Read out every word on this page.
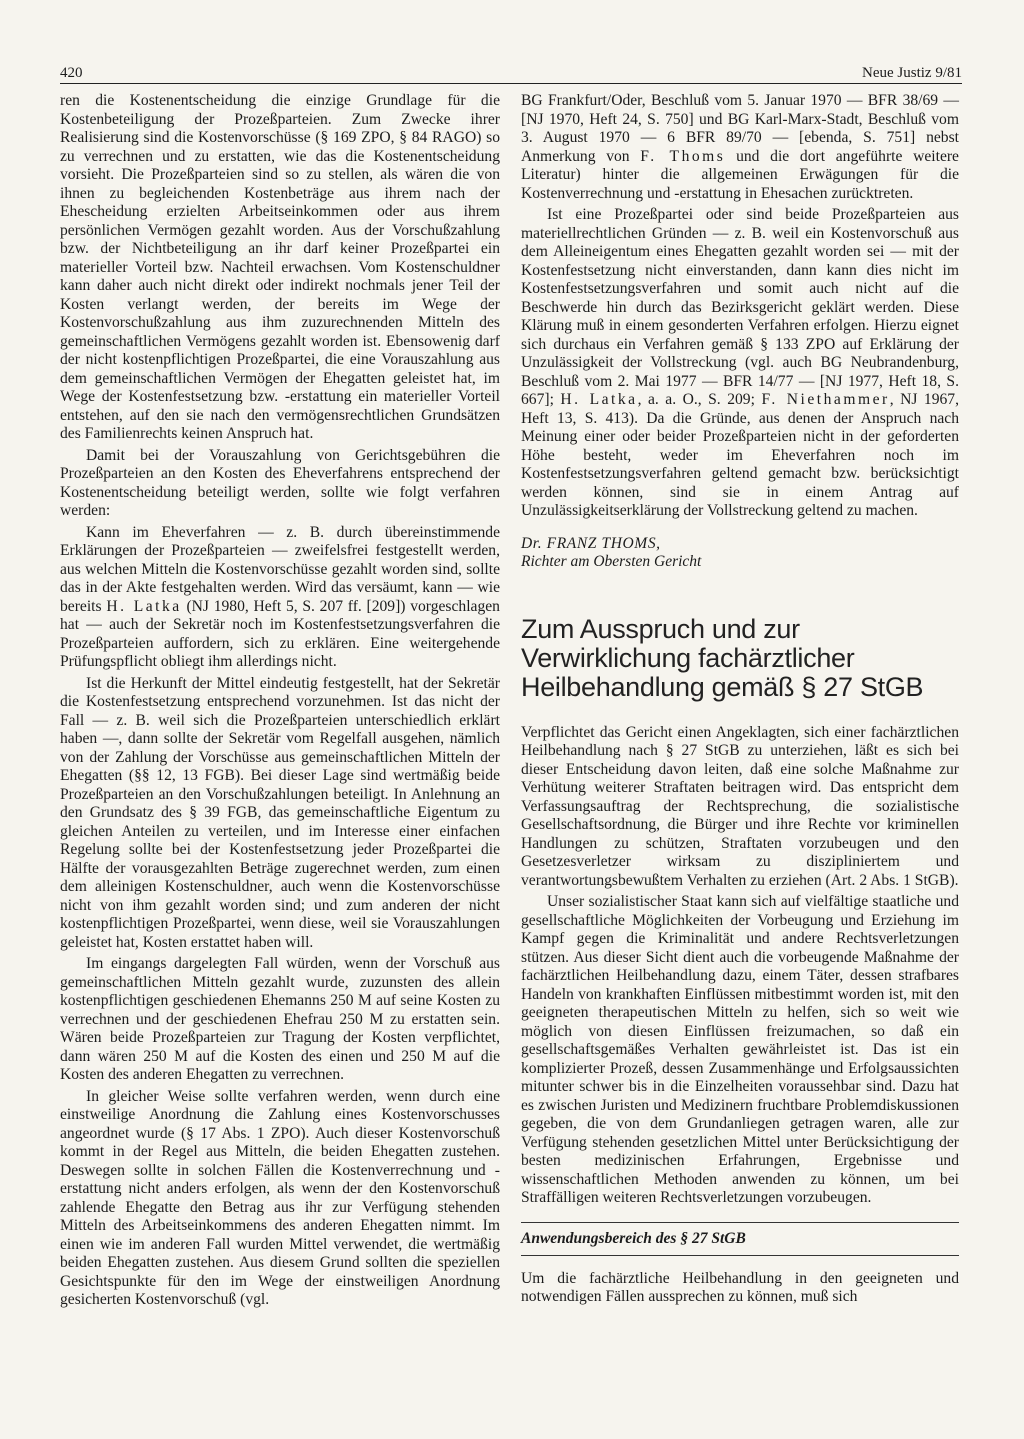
420	Neue Justiz 9/81

ren die Kostenentscheidung die einzige Grundlage für die Kostenbeteiligung der Prozeßparteien. Zum Zwecke ihrer Realisierung sind die Kostenvorschüsse (§ 169 ZPO, § 84 RAGO) so zu verrechnen und zu erstatten, wie das die Kostenentscheidung vorsieht. Die Prozeßparteien sind so zu stellen, als wären die von ihnen zu begleichenden Kostenbeträge aus ihrem nach der Ehescheidung erzielten Arbeitseinkommen oder aus ihrem persönlichen Vermögen gezahlt worden. Aus der Vorschußzahlung bzw. der Nichtbeteiligung an ihr darf keiner Prozeßpartei ein materieller Vorteil bzw. Nachteil erwachsen. Vom Kostenschuldner kann daher auch nicht direkt oder indirekt nochmals jener Teil der Kosten verlangt werden, der bereits im Wege der Kostenvorschußzahlung aus ihm zuzurechnenden Mitteln des gemeinschaftlichen Vermögens gezahlt worden ist. Ebensowenig darf der nicht kostenpflichtigen Prozeßpartei, die eine Vorauszahlung aus dem gemeinschaftlichen Vermögen der Ehegatten geleistet hat, im Wege der Kostenfestsetzung bzw. -erstattung ein materieller Vorteil entstehen, auf den sie nach den vermögensrechtlichen Grundsätzen des Familienrechts keinen Anspruch hat.

Damit bei der Vorauszahlung von Gerichtsgebühren die Prozeßparteien an den Kosten des Eheverfahrens entsprechend der Kostenentscheidung beteiligt werden, sollte wie folgt verfahren werden:

Kann im Eheverfahren — z. B. durch übereinstimmende Erklärungen der Prozeßparteien — zweifelsfrei festgestellt werden, aus welchen Mitteln die Kostenvorschüsse gezahlt worden sind, sollte das in der Akte festgehalten werden. Wird das versäumt, kann — wie bereits H. Latka (NJ 1980, Heft 5, S. 207 ff. [209]) vorgeschlagen hat — auch der Sekretär noch im Kostenfestsetzungsverfahren die Prozeßparteien auffordern, sich zu erklären. Eine weitergehende Prüfungspflicht obliegt ihm allerdings nicht.

Ist die Herkunft der Mittel eindeutig festgestellt, hat der Sekretär die Kostenfestsetzung entsprechend vorzunehmen. Ist das nicht der Fall — z. B. weil sich die Prozeßparteien unterschiedlich erklärt haben —, dann sollte der Sekretär vom Regelfall ausgehen, nämlich von der Zahlung der Vorschüsse aus gemeinschaftlichen Mitteln der Ehegatten (§§ 12, 13 FGB). Bei dieser Lage sind wertmäßig beide Prozeßparteien an den Vorschußzahlungen beteiligt. In Anlehnung an den Grundsatz des § 39 FGB, das gemeinschaftliche Eigentum zu gleichen Anteilen zu verteilen, und im Interesse einer einfachen Regelung sollte bei der Kostenfestsetzung jeder Prozeßpartei die Hälfte der vorausgezahlten Beträge zugerechnet werden, zum einen dem alleinigen Kostenschuldner, auch wenn die Kostenvorschüsse nicht von ihm gezahlt worden sind; und zum anderen der nicht kostenpflichtigen Prozeßpartei, wenn diese, weil sie Vorauszahlungen geleistet hat, Kosten erstattet haben will.

Im eingangs dargelegten Fall würden, wenn der Vorschuß aus gemeinschaftlichen Mitteln gezahlt wurde, zuzunsten des allein kostenpflichtigen geschiedenen Ehemanns 250 M auf seine Kosten zu verrechnen und der geschiedenen Ehefrau 250 M zu erstatten sein. Wären beide Prozeßparteien zur Tragung der Kosten verpflichtet, dann wären 250 M auf die Kosten des einen und 250 M auf die Kosten des anderen Ehegatten zu verrechnen.

In gleicher Weise sollte verfahren werden, wenn durch eine einstweilige Anordnung die Zahlung eines Kostenvorschusses angeordnet wurde (§ 17 Abs. 1 ZPO). Auch dieser Kostenvorschuß kommt in der Regel aus Mitteln, die beiden Ehegatten zustehen. Deswegen sollte in solchen Fällen die Kostenverrechnung und -erstattung nicht anders erfolgen, als wenn der den Kostenvorschuß zahlende Ehegatte den Betrag aus ihr zur Verfügung stehenden Mitteln des Arbeitseinkommens des anderen Ehegatten nimmt. Im einen wie im anderen Fall wurden Mittel verwendet, die wertmäßig beiden Ehegatten zustehen. Aus diesem Grund sollten die speziellen Gesichtspunkte für den im Wege der einstweiligen Anordnung gesicherten Kostenvorschuß (vgl.

BG Frankfurt/Oder, Beschluß vom 5. Januar 1970 — BFR 38/69 — [NJ 1970, Heft 24, S. 750] und BG Karl-Marx-Stadt, Beschluß vom 3. August 1970 — 6 BFR 89/70 — [ebenda, S. 751] nebst Anmerkung von F. Thoms und die dort angeführte weitere Literatur) hinter die allgemeinen Erwägungen für die Kostenverrechnung und -erstattung in Ehesachen zurücktreten.

Ist eine Prozeßpartei oder sind beide Prozeßparteien aus materiellrechtlichen Gründen — z. B. weil ein Kostenvorschuß aus dem Alleineigentum eines Ehegatten gezahlt worden sei — mit der Kostenfestsetzung nicht einverstanden, dann kann dies nicht im Kostenfestsetzungsverfahren und somit auch nicht auf die Beschwerde hin durch das Bezirksgericht geklärt werden. Diese Klärung muß in einem gesonderten Verfahren erfolgen. Hierzu eignet sich durchaus ein Verfahren gemäß § 133 ZPO auf Erklärung der Unzulässigkeit der Vollstreckung (vgl. auch BG Neubrandenburg, Beschluß vom 2. Mai 1977 — BFR 14/77 — [NJ 1977, Heft 18, S. 667]; H. Latka, a. a. O., S. 209; F. Niethammer, NJ 1967, Heft 13, S. 413). Da die Gründe, aus denen der Anspruch nach Meinung einer oder beider Prozeßparteien nicht in der geforderten Höhe besteht, weder im Eheverfahren noch im Kostenfestsetzungsverfahren geltend gemacht bzw. berücksichtigt werden können, sind sie in einem Antrag auf Unzulässigkeitserklärung der Vollstreckung geltend zu machen.

Dr. FRANZ THOMS,
Richter am Obersten Gericht
Zum Ausspruch und zur Verwirklichung fachärztlicher Heilbehandlung gemäß § 27 StGB

Verpflichtet das Gericht einen Angeklagten, sich einer fachärztlichen Heilbehandlung nach § 27 StGB zu unterziehen, läßt es sich bei dieser Entscheidung davon leiten, daß eine solche Maßnahme zur Verhütung weiterer Straftaten beitragen wird. Das entspricht dem Verfassungsauftrag der Rechtsprechung, die sozialistische Gesellschaftsordnung, die Bürger und ihre Rechte vor kriminellen Handlungen zu schützen, Straftaten vorzubeugen und den Gesetzesverletzer wirksam zu diszipliniertem und verantwortungsbewußtem Verhalten zu erziehen (Art. 2 Abs. 1 StGB).

Unser sozialistischer Staat kann sich auf vielfältige staatliche und gesellschaftliche Möglichkeiten der Vorbeugung und Erziehung im Kampf gegen die Kriminalität und andere Rechtsverletzungen stützen. Aus dieser Sicht dient auch die vorbeugende Maßnahme der fachärztlichen Heilbehandlung dazu, einem Täter, dessen strafbares Handeln von krankhaften Einflüssen mitbestimmt worden ist, mit den geeigneten therapeutischen Mitteln zu helfen, sich so weit wie möglich von diesen Einflüssen freizumachen, so daß ein gesellschaftsgemäßes Verhalten gewährleistet ist. Das ist ein komplizierter Prozeß, dessen Zusammenhänge und Erfolgsaussichten mitunter schwer bis in die Einzelheiten voraussehbar sind. Dazu hat es zwischen Juristen und Medizinern fruchtbare Problemdiskussionen gegeben, die von dem Grundanliegen getragen waren, alle zur Verfügung stehenden gesetzlichen Mittel unter Berücksichtigung der besten medizinischen Erfahrungen, Ergebnisse und wissenschaftlichen Methoden anwenden zu können, um bei Straffälligen weiteren Rechtsverletzungen vorzubeugen.

Anwendungsbereich des § 27 StGB

Um die fachärztliche Heilbehandlung in den geeigneten und notwendigen Fällen aussprechen zu können, muß sich
